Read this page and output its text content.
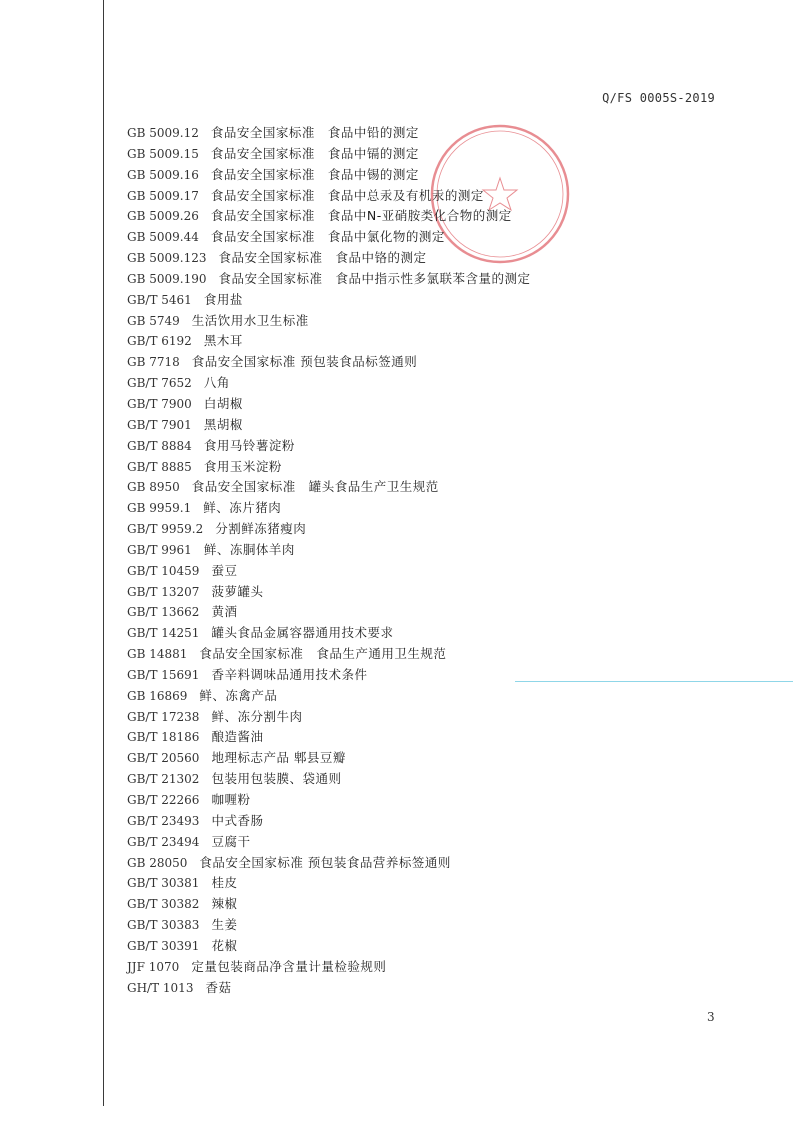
Q/FS 0005S-2019
GB 5009.12 食品安全国家标准　食品中铅的测定
GB 5009.15 食品安全国家标准　食品中镉的测定
GB 5009.16 食品安全国家标准　食品中锡的测定
GB 5009.17 食品安全国家标准　食品中总汞及有机汞的测定
GB 5009.26 食品安全国家标准　食品中N-亚硝胺类化合物的测定
GB 5009.44 食品安全国家标准　食品中氯化物的测定
GB 5009.123 食品安全国家标准　食品中铬的测定
GB 5009.190 食品安全国家标准　食品中指示性多氯联苯含量的测定
GB/T 5461 食用盐
GB 5749 生活饮用水卫生标准
GB/T 6192 黑木耳
GB 7718 食品安全国家标准 预包装食品标签通则
GB/T 7652 八角
GB/T 7900 白胡椒
GB/T 7901 黑胡椒
GB/T 8884 食用马铃薯淀粉
GB/T 8885 食用玉米淀粉
GB 8950 食品安全国家标准　罐头食品生产卫生规范
GB 9959.1 鲜、冻片猪肉
GB/T 9959.2 分割鲜冻猪瘦肉
GB/T 9961 鲜、冻胴体羊肉
GB/T 10459 蚕豆
GB/T 13207 菠萝罐头
GB/T 13662 黄酒
GB/T 14251 罐头食品金属容器通用技术要求
GB 14881 食品安全国家标准　食品生产通用卫生规范
GB/T 15691 香辛料调味品通用技术条件
GB 16869 鲜、冻禽产品
GB/T 17238 鲜、冻分割牛肉
GB/T 18186 酿造酱油
GB/T 20560 地理标志产品 郫县豆瓣
GB/T 21302 包装用包装膜、袋通则
GB/T 22266 咖喱粉
GB/T 23493 中式香肠
GB/T 23494 豆腐干
GB 28050 食品安全国家标准 预包装食品营养标签通则
GB/T 30381 桂皮
GB/T 30382 辣椒
GB/T 30383 生姜
GB/T 30391 花椒
JJF 1070 定量包装商品净含量计量检验规则
GH/T 1013 香菇
3
